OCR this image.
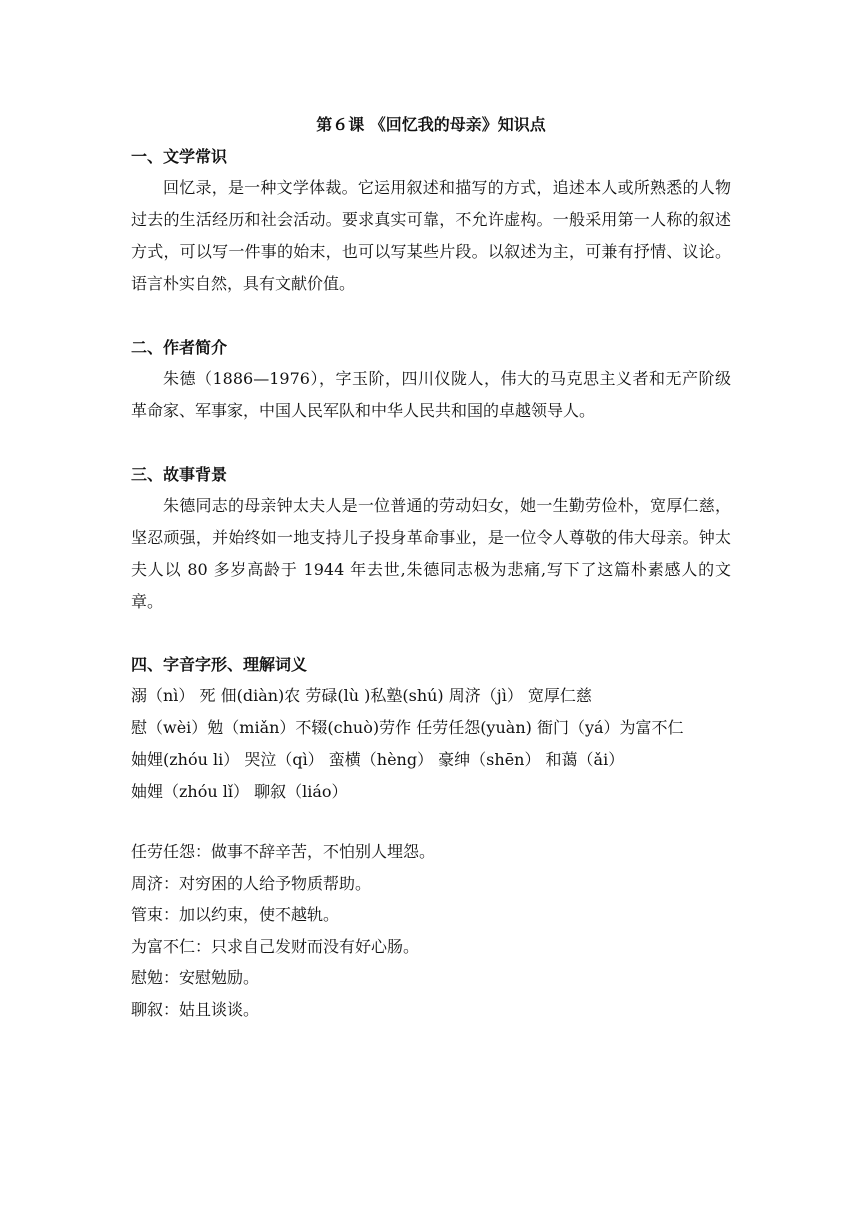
第６课 《回忆我的母亲》知识点
一、文学常识
回忆录，是一种文学体裁。它运用叙述和描写的方式，追述本人或所熟悉的人物过去的生活经历和社会活动。要求真实可靠，不允许虚构。一般采用第一人称的叙述方式，可以写一件事的始末，也可以写某些片段。以叙述为主，可兼有抒情、议论。语言朴实自然，具有文献价值。
二、作者简介
朱德（1886—1976），字玉阶，四川仪陇人，伟大的马克思主义者和无产阶级革命家、军事家，中国人民军队和中华人民共和国的卓越领导人。
三、故事背景
朱德同志的母亲钟太夫人是一位普通的劳动妇女，她一生勤劳俭朴，宽厚仁慈，坚忍顽强，并始终如一地支持儿子投身革命事业，是一位令人尊敬的伟大母亲。钟太夫人以 80 多岁高龄于 1944 年去世,朱德同志极为悲痛,写下了这篇朴素感人的文章。
四、字音字形、理解词义
溺（nì） 死 佃(diàn)农 劳碌(lù )私塾(shú) 周济（jì） 宽厚仁慈
慰（wèi）勉（miǎn）不辍(chuò)劳作 任劳任怨(yuàn) 衙门（yá）为富不仁
妯娌(zhóu li） 哭泣（qì） 蛮横（hèng） 豪绅（shēn） 和蔼（ǎi）
妯娌（zhóu lǐ） 聊叙（liáo）
任劳任怨：做事不辞辛苦，不怕别人埋怨。
周济：对穷困的人给予物质帮助。
管束：加以约束，使不越轨。
为富不仁：只求自己发财而没有好心肠。
慰勉：安慰勉励。
聊叙：姑且谈谈。
